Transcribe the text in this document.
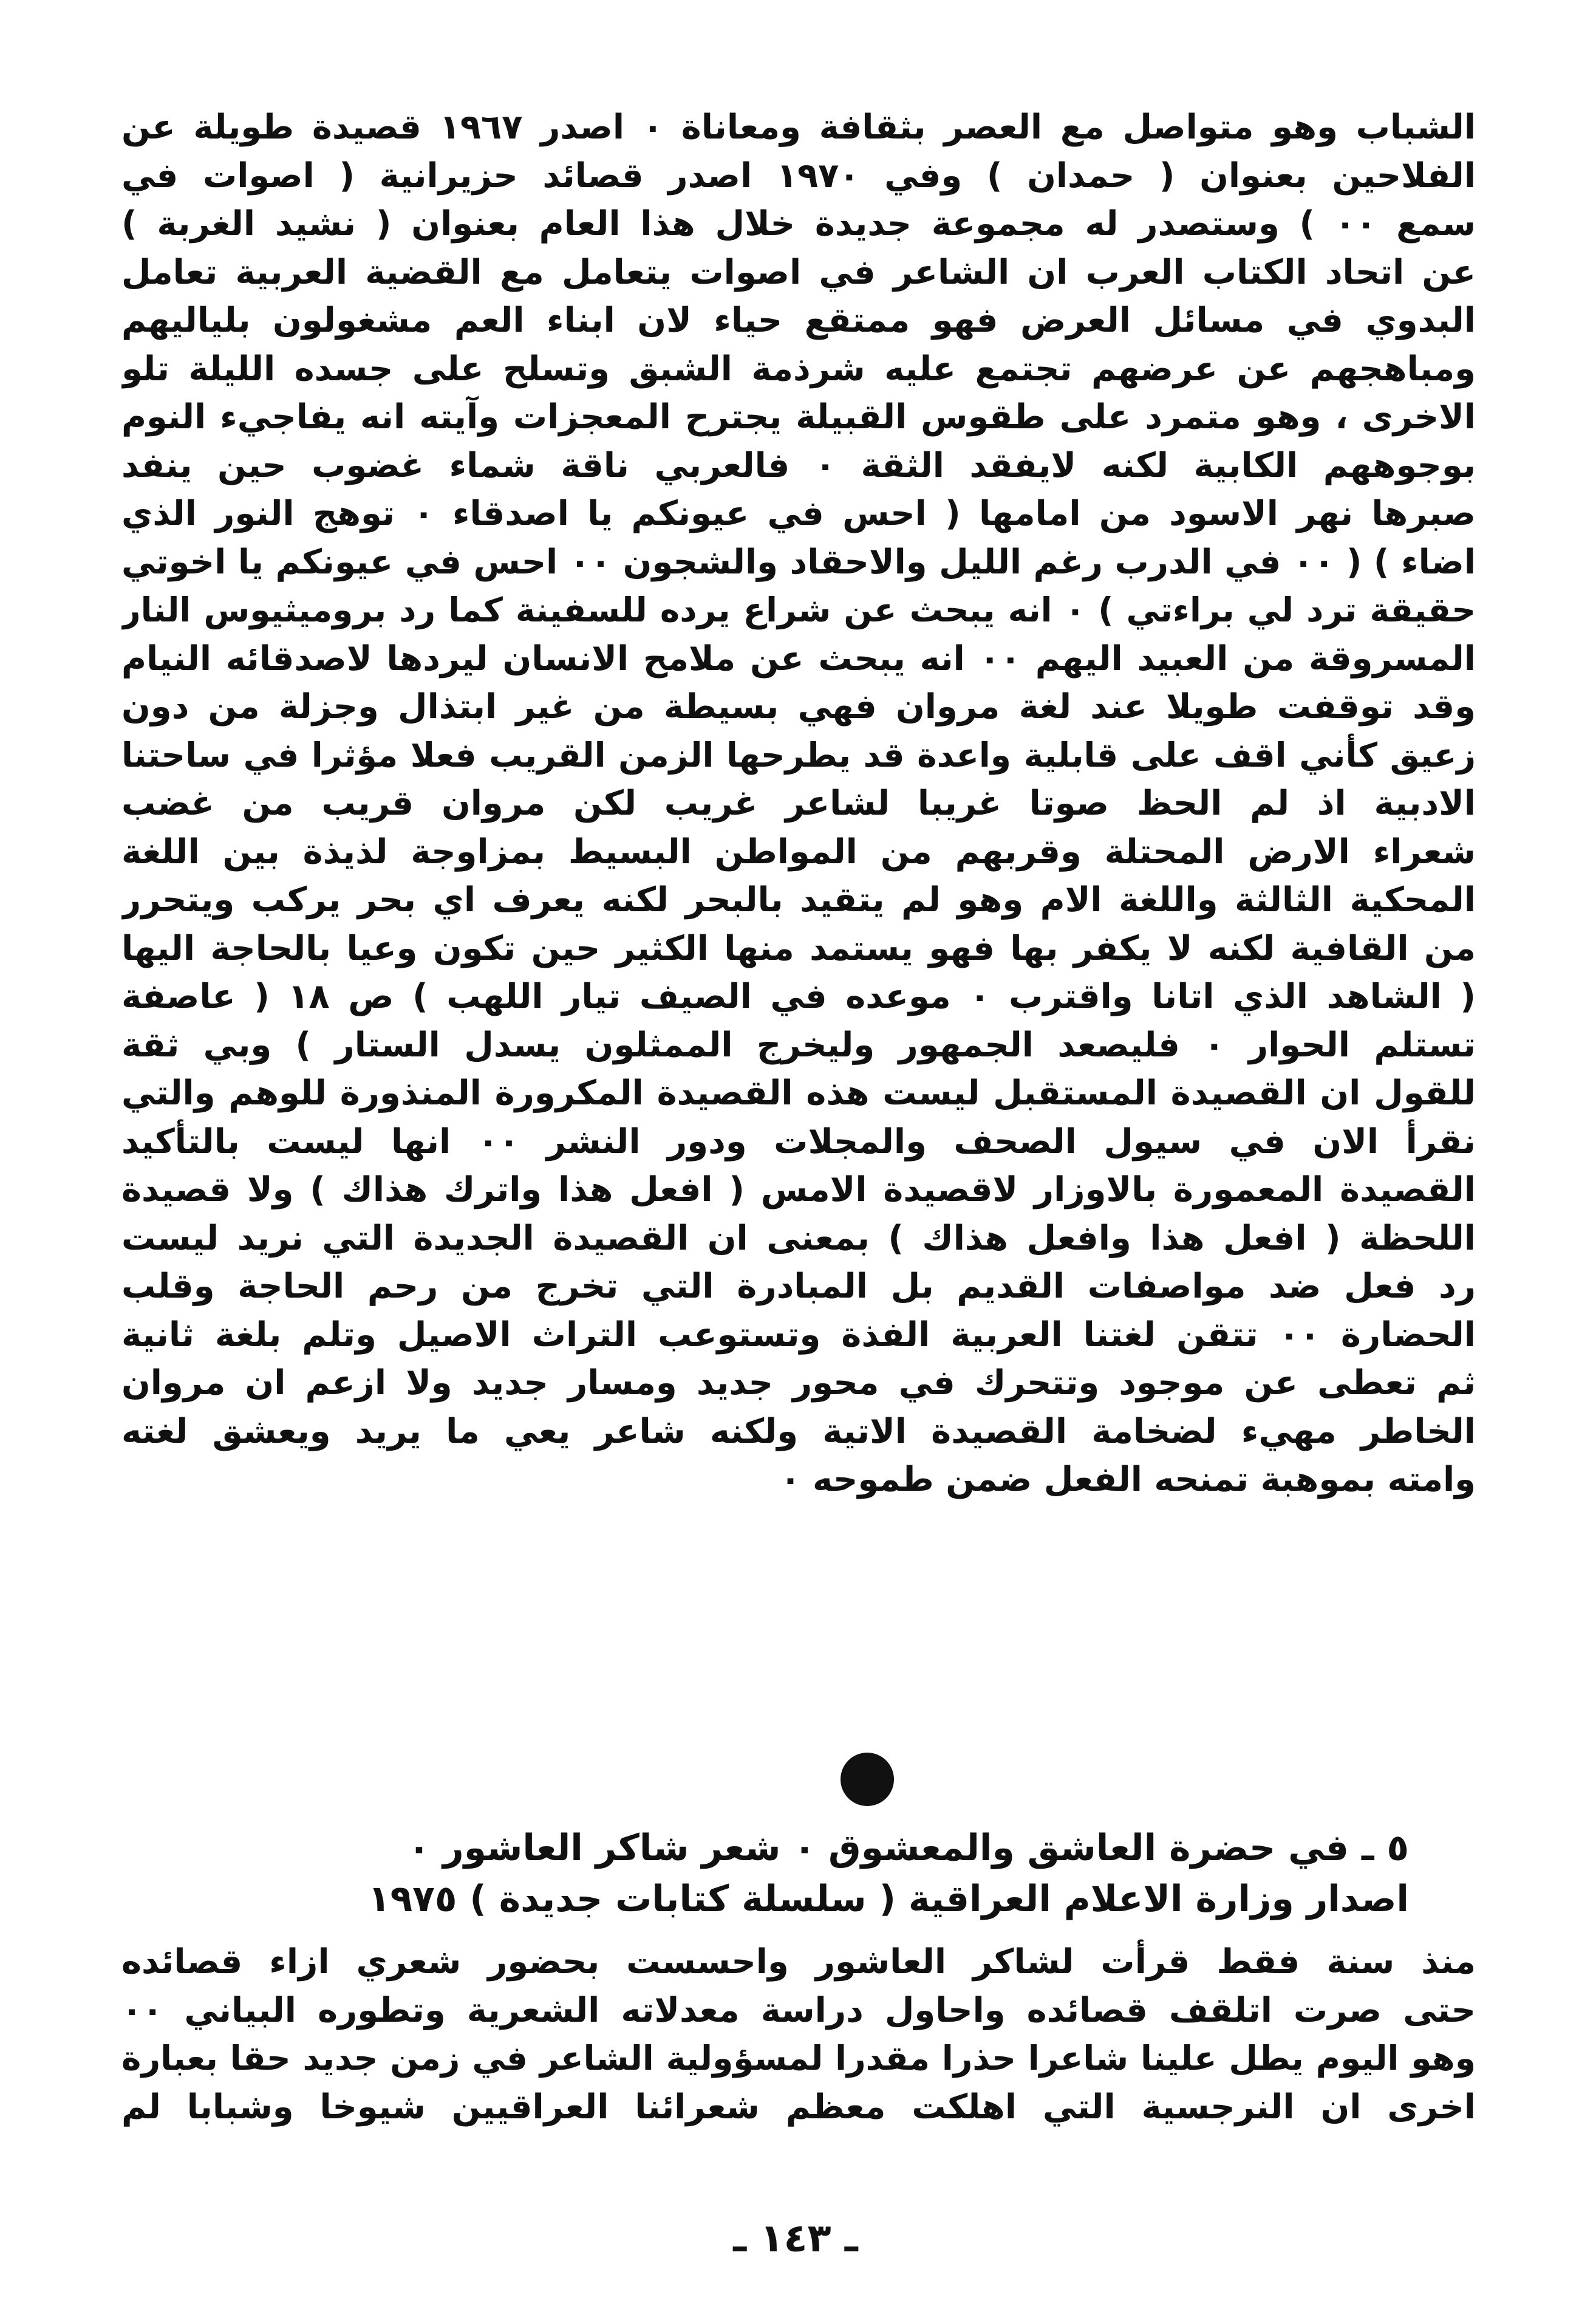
الشباب وهو متواصل مع العصر بثقافة ومعاناة ٠ اصدر ١٩٦٧ قصيدة طويلة عن
الفلاحين بعنوان ( حمدان ) وفي ١٩٧٠ اصدر قصائد حزيرانية ( اصوات في
سمع ٠٠ ) وستصدر له مجموعة جديدة خلال هذا العام بعنوان ( نشيد الغربة )
عن اتحاد الكتاب العرب ان الشاعر في اصوات يتعامل مع القضية العربية تعامل
البدوي في مسائل العرض فهو ممتقع حياء لان ابناء العم مشغولون بلياليهم
ومباهجهم عن عرضهم تجتمع عليه شرذمة الشبق وتسلح على جسده الليلة تلو
الاخرى ، وهو متمرد على طقوس القبيلة يجترح المعجزات وآيته انه يفاجيء النوم
بوجوههم الكابية لكنه لايفقد الثقة ٠ فالعربي ناقة شماء غضوب حين ينفد
صبرها نهر الاسود من امامها ( احس في عيونكم يا اصدقاء ٠ توهج النور الذي
اضاء ) ( ٠٠ في الدرب رغم الليل والاحقاد والشجون ٠٠ احس في عيونكم يا اخوتي
حقيقة ترد لي براءتي ) ٠ انه يبحث عن شراع يرده للسفينة كما رد بروميثيوس النار
المسروقة من العبيد اليهم ٠٠ انه يبحث عن ملامح الانسان ليردها لاصدقائه النيام
وقد توقفت طويلا عند لغة مروان فهي بسيطة من غير ابتذال وجزلة من دون
زعيق كأني اقف على قابلية واعدة قد يطرحها الزمن القريب فعلا مؤثرا في ساحتنا
الادبية اذ لم الحظ صوتا غريبا لشاعر غريب لكن مروان قريب من غضب
شعراء الارض المحتلة وقربهم من المواطن البسيط بمزاوجة لذيذة بين اللغة
المحكية الثالثة واللغة الام وهو لم يتقيد بالبحر لكنه يعرف اي بحر يركب ويتحرر
من القافية لكنه لا يكفر بها فهو يستمد منها الكثير حين تكون وعيا بالحاجة اليها
( الشاهد الذي اتانا واقترب ٠ موعده في الصيف تيار اللهب ) ص ١٨ ( عاصفة
تستلم الحوار ٠ فليصعد الجمهور وليخرج الممثلون يسدل الستار ) وبي ثقة
للقول ان القصيدة المستقبل ليست هذه القصيدة المكرورة المنذورة للوهم والتي
نقرأ الان في سيول الصحف والمجلات ودور النشر ٠٠ انها ليست بالتأكيد
القصيدة المعمورة بالاوزار لاقصيدة الامس ( افعل هذا واترك هذاك ) ولا قصيدة
اللحظة ( افعل هذا وافعل هذاك ) بمعنى ان القصيدة الجديدة التي نريد ليست
رد فعل ضد مواصفات القديم بل المبادرة التي تخرج من رحم الحاجة وقلب
الحضارة ٠٠ تتقن لغتنا العربية الفذة وتستوعب التراث الاصيل وتلم بلغة ثانية
ثم تعطى عن موجود وتتحرك في محور جديد ومسار جديد ولا ازعم ان مروان
الخاطر مهيء لضخامة القصيدة الاتية ولكنه شاعر يعي ما يريد ويعشق لغته
وامته بموهبة تمنحه الفعل ضمن طموحه ٠
٥ ـ في حضرة العاشق والمعشوق ٠ شعر شاكر العاشور ٠
اصدار وزارة الاعلام العراقية ( سلسلة كتابات جديدة ) ١٩٧٥
منذ سنة فقط قرأت لشاكر العاشور واحسست بحضور شعري ازاء قصائده
حتى صرت اتلقف قصائده واحاول دراسة معدلاته الشعرية وتطوره البياني ٠٠
وهو اليوم يطل علينا شاعرا حذرا مقدرا لمسؤولية الشاعر في زمن جديد حقا بعبارة
اخرى ان النرجسية التي اهلكت معظم شعرائنا العراقيين شيوخا وشبابا لم
ـ ١٤٣ ـ
